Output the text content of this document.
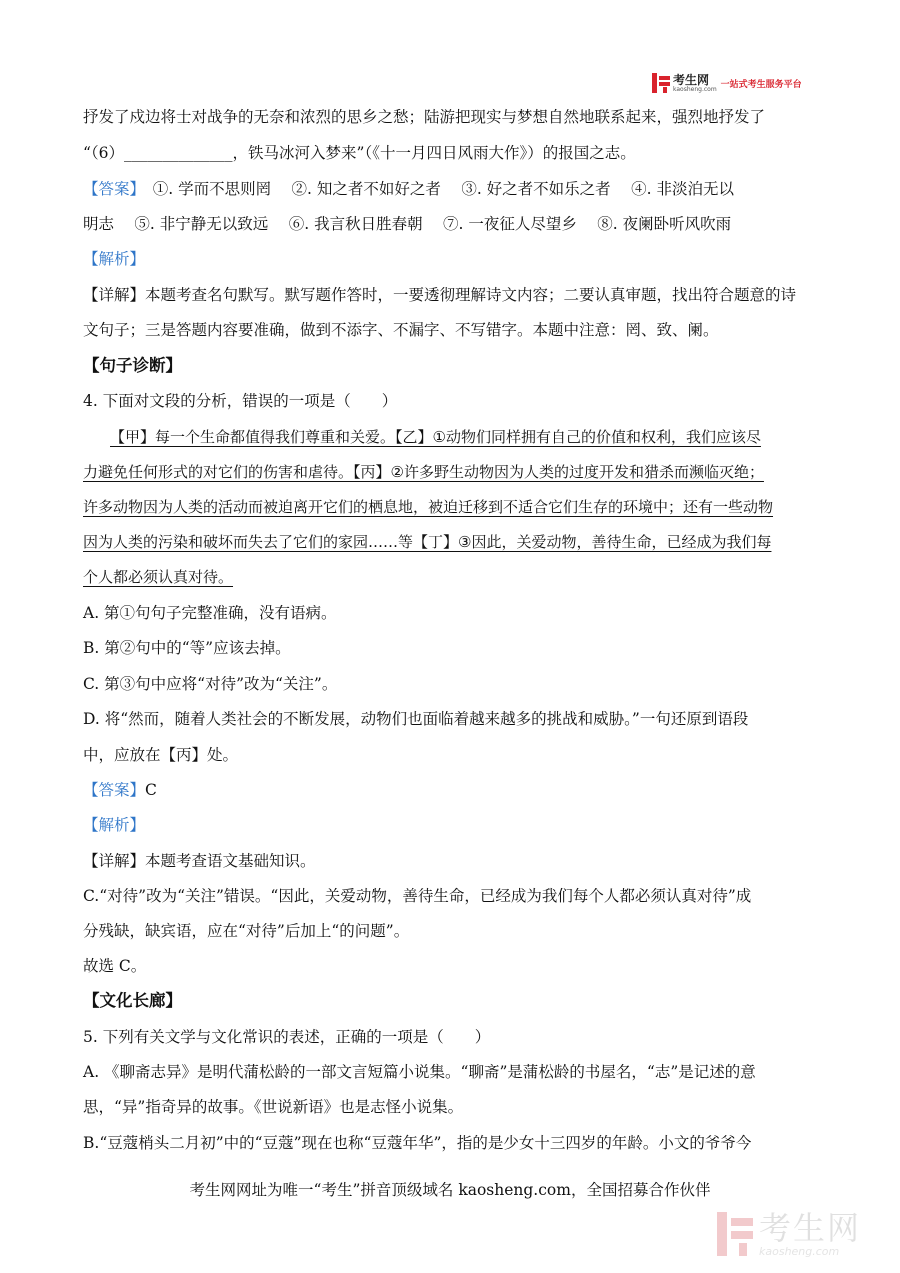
考生网
kaosheng.com 一站式考生服务平台
抒发了戍边将士对战争的无奈和浓烈的思乡之愁；陆游把现实与梦想自然地联系起来，强烈地抒发了
“（6）______________，铁马冰河入梦来”（《十一月四日风雨大作》）的报国之志。
【答案】　①. 学而不思则罔　 ②. 知之者不如好之者　 ③. 好之者不如乐之者　 ④. 非淡泊无以
明志　 ⑤. 非宁静无以致远　 ⑥. 我言秋日胜春朝　 ⑦. 一夜征人尽望乡　 ⑧. 夜阑卧听风吹雨
【解析】
【详解】本题考查名句默写。默写题作答时，一要透彻理解诗文内容；二要认真审题，找出符合题意的诗
文句子；三是答题内容要准确，做到不添字、不漏字、不写错字。本题中注意：罔、致、阑。
【句子诊断】
4. 下面对文段的分析，错误的一项是（　　）
【甲】每一个生命都值得我们尊重和关爱。【乙】①动物们同样拥有自己的价值和权利，我们应该尽
力避免任何形式的对它们的伤害和虐待。【丙】②许多野生动物因为人类的过度开发和猎杀而濒临灭绝；
许多动物因为人类的活动而被迫离开它们的栖息地，被迫迁移到不适合它们生存的环境中；还有一些动物
因为人类的污染和破坏而失去了它们的家园……等【丁】③因此，关爱动物，善待生命，已经成为我们每
个人都必须认真对待。
A. 第①句句子完整准确，没有语病。
B. 第②句中的“等”应该去掉。
C. 第③句中应将“对待”改为“关注”。
D. 将“然而，随着人类社会的不断发展，动物们也面临着越来越多的挑战和威胁。”一句还原到语段
中，应放在【丙】处。
【答案】C
【解析】
【详解】本题考查语文基础知识。
C.“对待”改为“关注”错误。“因此，关爱动物，善待生命，已经成为我们每个人都必须认真对待”成
分残缺，缺宾语，应在“对待”后加上“的问题”。
故选 C。
【文化长廊】
5. 下列有关文学与文化常识的表述，正确的一项是（　　）
A. 《聊斋志异》是明代蒲松龄的一部文言短篇小说集。“聊斋”是蒲松龄的书屋名，“志”是记述的意
思，“异”指奇异的故事。《世说新语》也是志怪小说集。
B.“豆蔻梢头二月初”中的“豆蔻”现在也称“豆蔻年华”，指的是少女十三四岁的年龄。小文的爷爷今
考生网网址为唯一“考生”拼音顶级域名 kaosheng.com，全国招募合作伙伴
考生网
kaosheng.com
